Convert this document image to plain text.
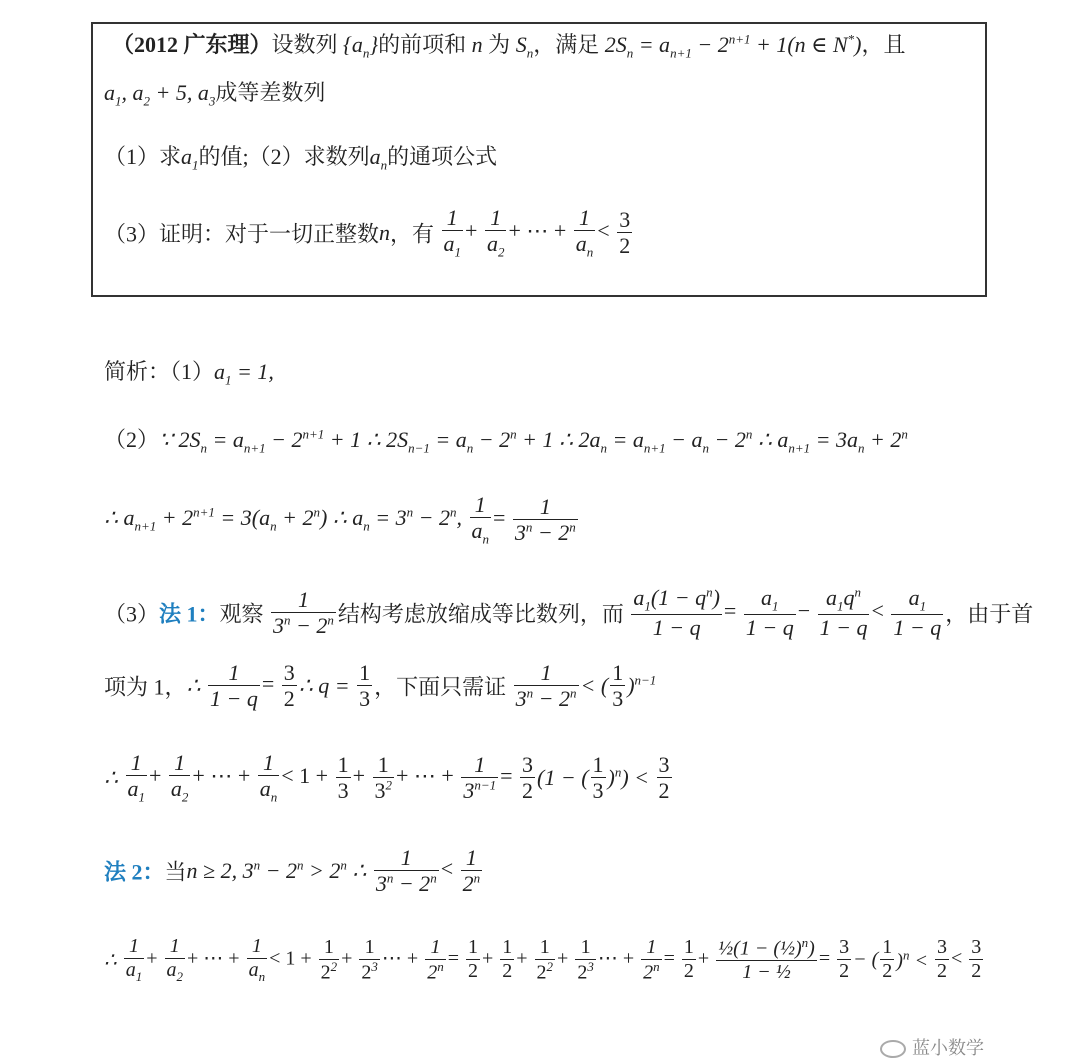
（2012 广东理）设数列 $\{a_n\}$的前项和 n 为 $S_n$，满足 $2S_n = a_{n+1} - 2^{n+1} + 1(n$ ∈ N*)，且
$a_1$, $a_2 + 5$, $a_3$成等差数列
（1）求$a_1$的值;（2）求数列$a_n$的通项公式
（3）证明：对于一切正整数n，有 $\frac{1}{a_1} + \frac{1}{a_2}$ + ⋯ + $\frac{1}{a_n} < \frac{3}{2}$
简析：$(1)a_1 = 1$,
（2）∵ $2S_n = a_{n+1} - 2^{n+1} + 1$ ∴ $2S_{n-1} = a_n - 2^n + 1$ ∴ $2a_n = a_{n+1} - a_n - 2^n$ ∴ $a_{n+1} = 3a_n + 2^n$
∴ $a_{n+1} + 2^{n+1} = 3(a_n + 2^n)$ ∴ $a_n = 3^n - 2^n$, $\frac{1}{a_n} = \frac{1}{3^n - 2^n}$
（3）法 1：观察 $\frac{1}{3^n - 2^n}$ 结构考虑放缩成等比数列，而 $\frac{a_1(1 - q^n)}{1 - q} = \frac{a_1}{1 - q} - \frac{a_1q^n}{1 - q} < \frac{a_1}{1 - q}$ ，由于首
项为 1，∴ $\frac{1}{1 - q} = \frac{3}{2}$ ∴ $q = \frac{1}{3}$ ，下面只需证 $\frac{1}{3^n - 2^n}$ < ( $\frac{1}{3} )^{n-1}$
∴ $\frac{1}{a_1} + \frac{1}{a_2}$ + ⋯ + $\frac{1}{a_n} < 1 + \frac{1}{3} + \frac{1}{3^2}$ + ⋯ + $\frac{1}{3^{n-1}} = \frac{3}{2} (1$ − ( $\frac{1}{3} )^n) < \frac{3}{2}$
法 2：当n ≥ 2, $3^n - 2^n > 2^n$ ∴ $\frac{1}{3^n - 2^n} < \frac{1}{2^n}$
∴ $\frac{1}{a_1} + \frac{1}{a_2}$ + ⋯ + $\frac{1}{a_n} < 1 + \frac{1}{2^2} + \frac{1}{2^3}$ ⋯ + $\frac{1}{2^n} = \frac{1}{2} + \frac{1}{2} + \frac{1}{2^2} + \frac{1}{2^3}$ ⋯ + $\frac{1}{2^n} = \frac{1}{2} + \frac{\frac{1}{2}(1 - (\frac{1}{2})^n)}{\text{1 − ½}} = \frac{3}{2}$ − ( $\frac{1}{2} )^n < \frac{3}{2} < \frac{3}{2}$
蓝小数学
